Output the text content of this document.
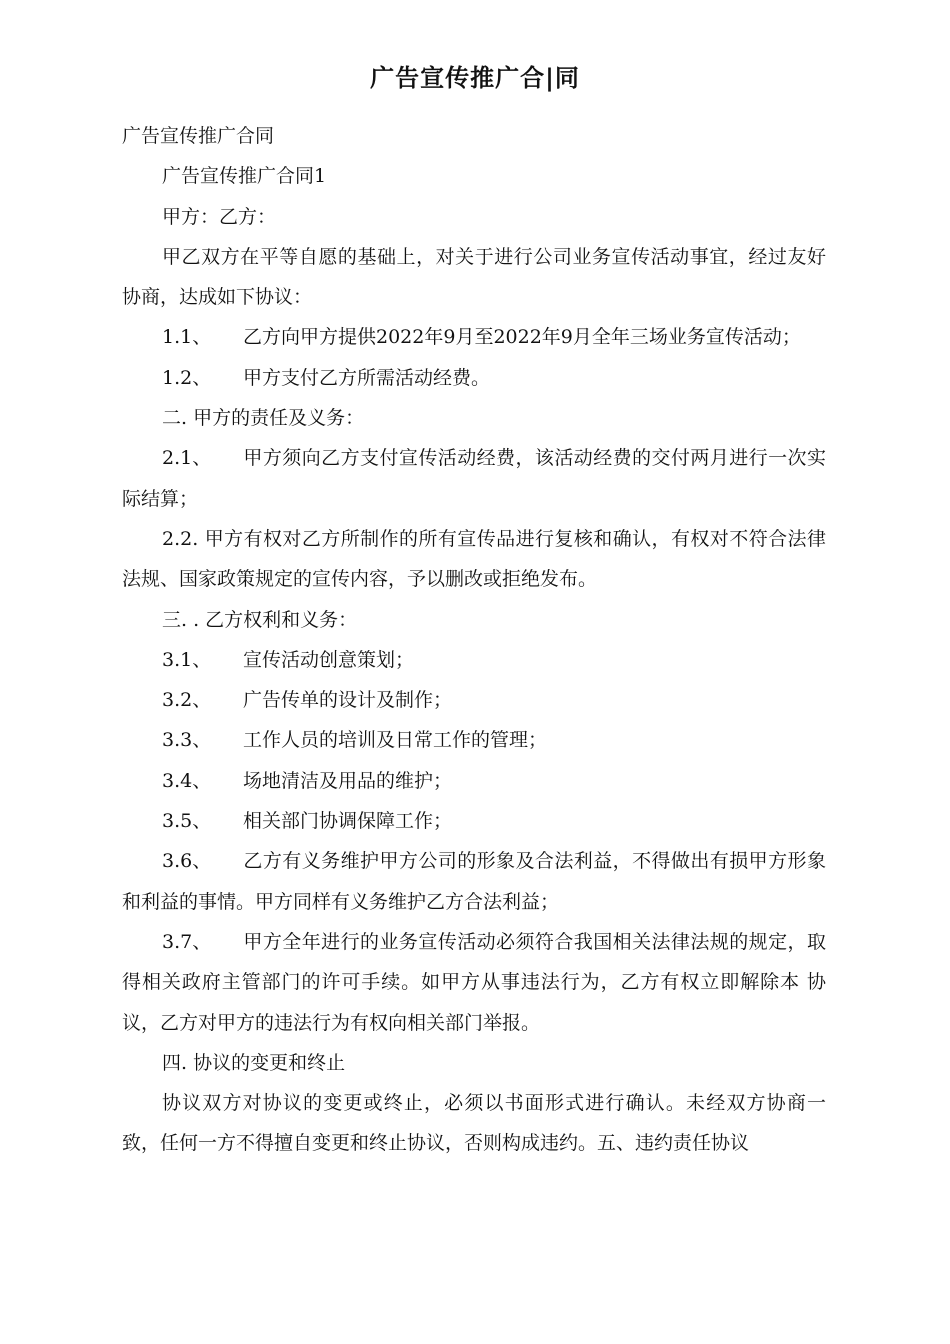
广告宣传推广合|同

广告宣传推广合同

广告宣传推广合同1

甲方：乙方：

甲乙双方在平等自愿的基础上，对关于进行公司业务宣传活动事宜，经过友好协商，达成如下协议：

1.1、 乙方向甲方提供2022年9月至2022年9月全年三场业务宣传活动；

1.2、 甲方支付乙方所需活动经费。

二. 甲方的责任及义务：

2.1、 甲方须向乙方支付宣传活动经费，该活动经费的交付两月进行一次实 际结算；

2.2. 甲方有权对乙方所制作的所有宣传品进行复核和确认，有权对不符合法律法规、国家政策规定的宣传内容，予以删改或拒绝发布。

三. . 乙方权利和义务：

3.1、 宣传活动创意策划；

3.2、 广告传单的设计及制作；

3.3、 工作人员的培训及日常工作的管理；

3.4、 场地清洁及用品的维护；

3.5、 相关部门协调保障工作；

3.6、 乙方有义务维护甲方公司的形象及合法利益，不得做出有损甲方形象 和利益的事情。甲方同样有义务维护乙方合法利益；

3.7、 甲方全年进行的业务宣传活动必须符合我国相关法律法规的规定，取 得相关政府主管部门的许可手续。如甲方从事违法行为，乙方有权立即解除本 协议，乙方对甲方的违法行为有权向相关部门举报。

四. 协议的变更和终止

协议双方对协议的变更或终止，必须以书面形式进行确认。未经双方协商一致，任何一方不得擅自变更和终止协议，否则构成违约。五、违约责任协议
